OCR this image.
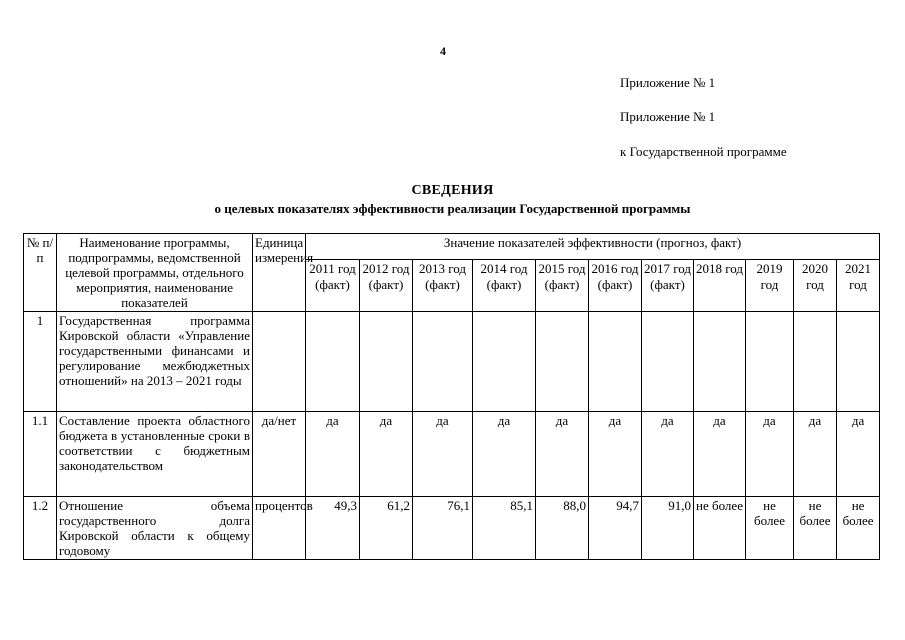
4
Приложение № 1
Приложение № 1
к Государственной программе
СВЕДЕНИЯ
о целевых показателях эффективности реализации Государственной программы
№ п/п	Наименование программы, подпрограммы, ведомственной целевой программы, отдельного мероприятия, наименование показателей	Единица измерения	Значение показателей эффективности (прогноз, факт)										
			2011 год (факт)	2012 год (факт)	2013 год (факт)	2014 год (факт)	2015 год (факт)	2016 год (факт)	2017 год (факт)	2018 год	2019 год	2020 год	2021 год
1	Государственная программа Кировской области «Управление государственными финансами и регулирование межбюджетных отношений» на 2013 – 2021 годы												
1.1	Составление проекта областного бюджета в установленные сроки в соответствии с бюджетным законодательством	да/нет	да	да	да	да	да	да	да	да	да	да	да
1.2	Отношение объема государственного долга Кировской области к общему годовому	процентов	49,3	61,2	76,1	85,1	88,0	94,7	91,0	не более	не более	не более	не более
